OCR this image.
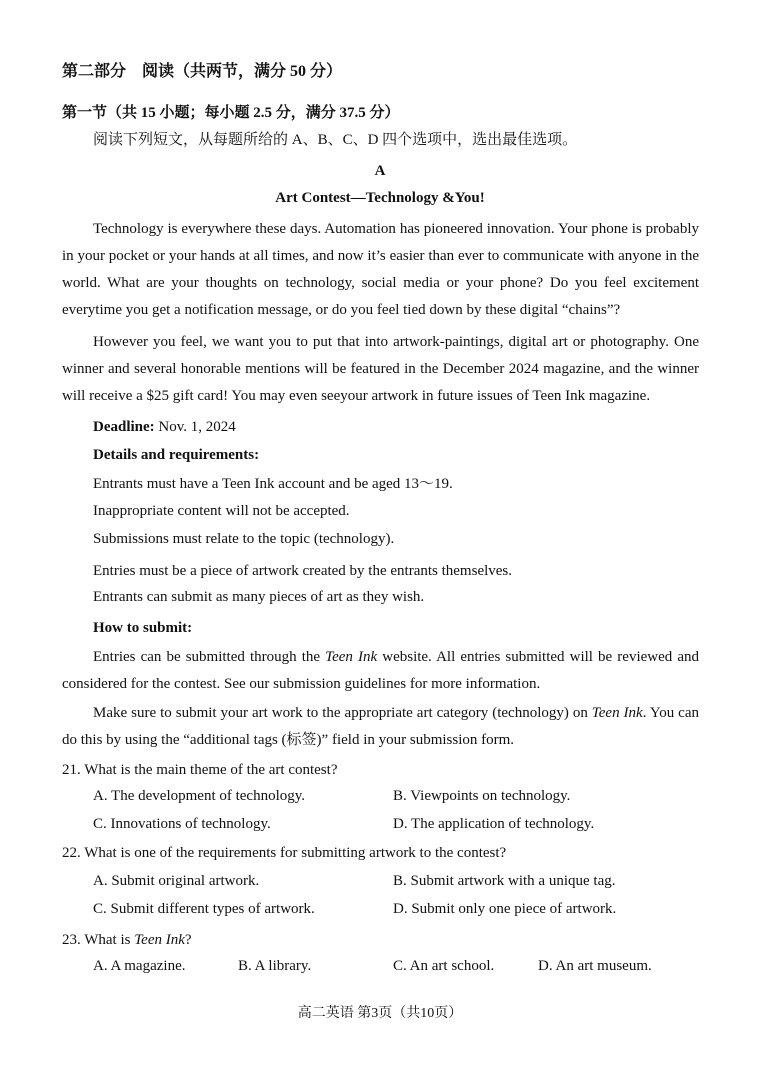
第二部分　阅读（共两节，满分 50 分）
第一节（共 15 小题；每小题 2.5 分，满分 37.5 分）
阅读下列短文，从每题所给的 A、B、C、D 四个选项中，选出最佳选项。
A
Art Contest—Technology &You!

Technology is everywhere these days. Automation has pioneered innovation. Your phone is probably in your pocket or your hands at all times, and now it’s easier than ever to communicate with anyone in the world. What are your thoughts on technology, social media or your phone? Do you feel excitement everytime you get a notification message, or do you feel tied down by these digital “chains”?

However you feel, we want you to put that into artwork-paintings, digital art or photography. One winner and several honorable mentions will be featured in the December 2024 magazine, and the winner will receive a $25 gift card! You may even seeyour artwork in future issues of Teen Ink magazine.

Deadline: Nov. 1, 2024
Details and requirements:
Entrants must have a Teen Ink account and be aged 13～19.
Inappropriate content will not be accepted.
Submissions must relate to the topic (technology).
Entries must be a piece of artwork created by the entrants themselves.
Entrants can submit as many pieces of art as they wish.
How to submit:

Entries can be submitted through the Teen Ink website. All entries submitted will be reviewed and considered for the contest. See our submission guidelines for more information.

Make sure to submit your art work to the appropriate art category (technology) on Teen Ink. You can do this by using the “additional tags (标签)” field in your submission form.

21. What is the main theme of the art contest?
A. The development of technology.	B. Viewpoints on technology.
C. Innovations of technology.	D. The application of technology.
22. What is one of the requirements for submitting artwork to the contest?
A. Submit original artwork.	B. Submit artwork with a unique tag.
C. Submit different types of artwork.	D. Submit only one piece of artwork.
23. What is Teen Ink?
A. A magazine.	B. A library.	C. An art school.	D. An art museum.
高二英语 第3页（共10页）
